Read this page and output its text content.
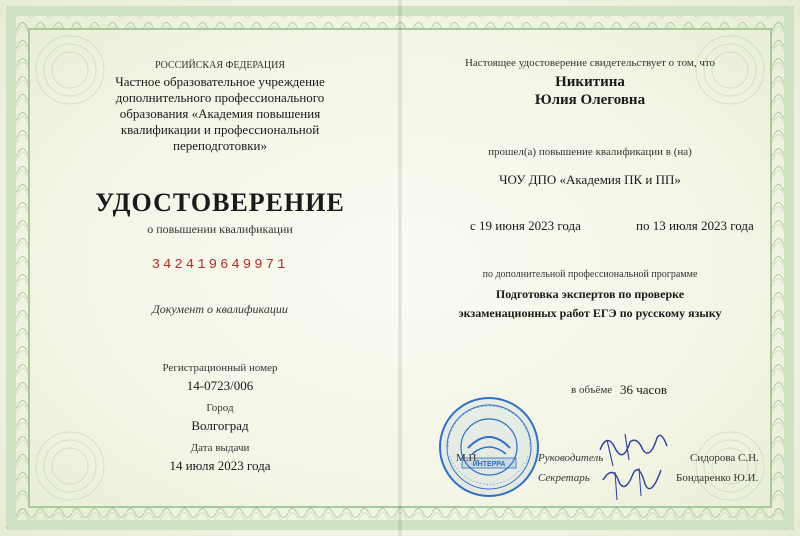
РОССИЙСКАЯ ФЕДЕРАЦИЯ
Частное образовательное учреждение
дополнительного профессионального
образования «Академия повышения
квалификации и профессиональной
переподготовки»
УДОСТОВЕРЕНИЕ
о повышении квалификации
342419649971
Документ о квалификации
Регистрационный номер
14-0723/006
Город
Волгоград
Дата выдачи
14 июля 2023 года
Настоящее удостоверение свидетельствует о том, что
Никитина
Юлия Олеговна
прошел(а) повышение квалификации в (на)
ЧОУ ДПО «Академия ПК и ПП»
с 19 июня 2023 года	по 13 июля 2023 года
по дополнительной профессиональной программе
Подготовка экспертов по проверке
экзаменационных работ ЕГЭ по русскому языку
в объёме 36 часов
ИНТЕРРА
М.П.	Руководитель
Секретарь
Сидорова С.Н.
Бондаренко Ю.И.
